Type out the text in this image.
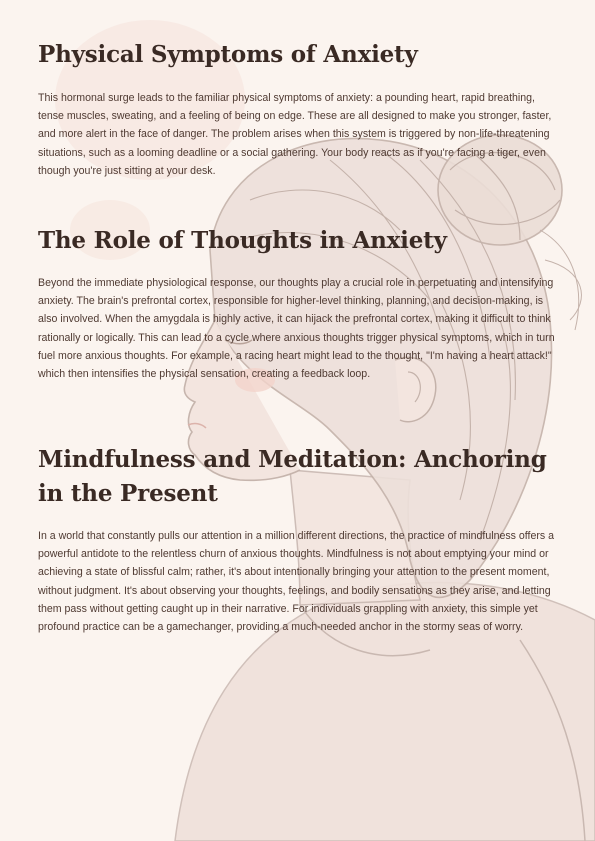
Physical Symptoms of Anxiety

This hormonal surge leads to the familiar physical symptoms of anxiety: a pounding heart, rapid breathing, tense muscles, sweating, and a feeling of being on edge. These are all designed to make you stronger, faster, and more alert in the face of danger. The problem arises when this system is triggered by non-life-threatening situations, such as a looming deadline or a social gathering. Your body reacts as if you're facing a tiger, even though you're just sitting at your desk.

The Role of Thoughts in Anxiety

Beyond the immediate physiological response, our thoughts play a crucial role in perpetuating and intensifying anxiety. The brain's prefrontal cortex, responsible for higher-level thinking, planning, and decision-making, is also involved. When the amygdala is highly active, it can hijack the prefrontal cortex, making it difficult to think rationally or logically. This can lead to a cycle where anxious thoughts trigger physical symptoms, which in turn fuel more anxious thoughts. For example, a racing heart might lead to the thought, "I'm having a heart attack!" which then intensifies the physical sensation, creating a feedback loop.

Mindfulness and Meditation: Anchoring in the Present

In a world that constantly pulls our attention in a million different directions, the practice of mindfulness offers a powerful antidote to the relentless churn of anxious thoughts. Mindfulness is not about emptying your mind or achieving a state of blissful calm; rather, it's about intentionally bringing your attention to the present moment, without judgment. It's about observing your thoughts, feelings, and bodily sensations as they arise, and letting them pass without getting caught up in their narrative. For individuals grappling with anxiety, this simple yet profound practice can be a gamechanger, providing a much-needed anchor in the stormy seas of worry.
